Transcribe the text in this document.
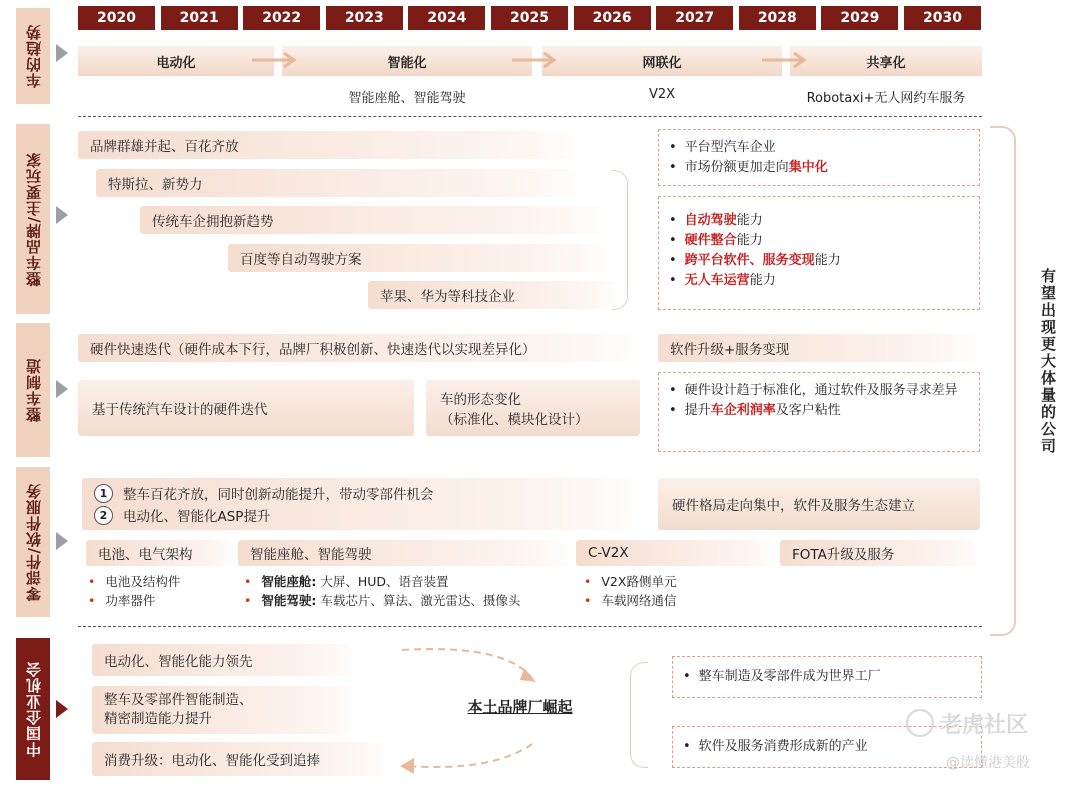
车的趋势
整车品牌/主要玩家
整车制造
零部件/软件服务
中国企业机会
2020	2021	2022	2023	2024	2025	2026	2027	2028	2029	2030
电动化	智能化	网联化	共享化
智能座舱、智能驾驶	V2X	Robotaxi+无人网约车服务
品牌群雄并起、百花齐放
特斯拉、新势力
传统车企拥抱新趋势
百度等自动驾驶方案
苹果、华为等科技企业
• 平台型汽车企业
• 市场份额更加走向集中化
• 自动驾驶能力
• 硬件整合能力
• 跨平台软件、服务变现能力
• 无人车运营能力
硬件快速迭代（硬件成本下行，品牌厂积极创新、快速迭代以实现差异化）
基于传统汽车设计的硬件迭代
车的形态变化
（标准化、模块化设计）
软件升级+服务变现
• 硬件设计趋于标准化，通过软件及服务寻求差异
• 提升车企利润率及客户粘性
1	整车百花齐放，同时创新动能提升，带动零部件机会
2	电动化、智能化ASP提升
硬件格局走向集中，软件及服务生态建立
电池、电气架构	智能座舱、智能驾驶	C-V2X	FOTA升级及服务
• 电池及结构件
• 功率器件
• 智能座舱: 大屏、HUD、语音装置
• 智能驾驶: 车载芯片、算法、激光雷达、摄像头
• V2X路侧单元
• 车载网络通信
有望出现更大体量的公司
电动化、智能化能力领先
整车及零部件智能制造、
精密制造能力提升
消费升级：电动化、智能化受到追捧
本土品牌厂崛起
• 整车制造及零部件成为世界工厂
• 软件及服务消费形成新的产业
老虎社区
@读懂港美股
